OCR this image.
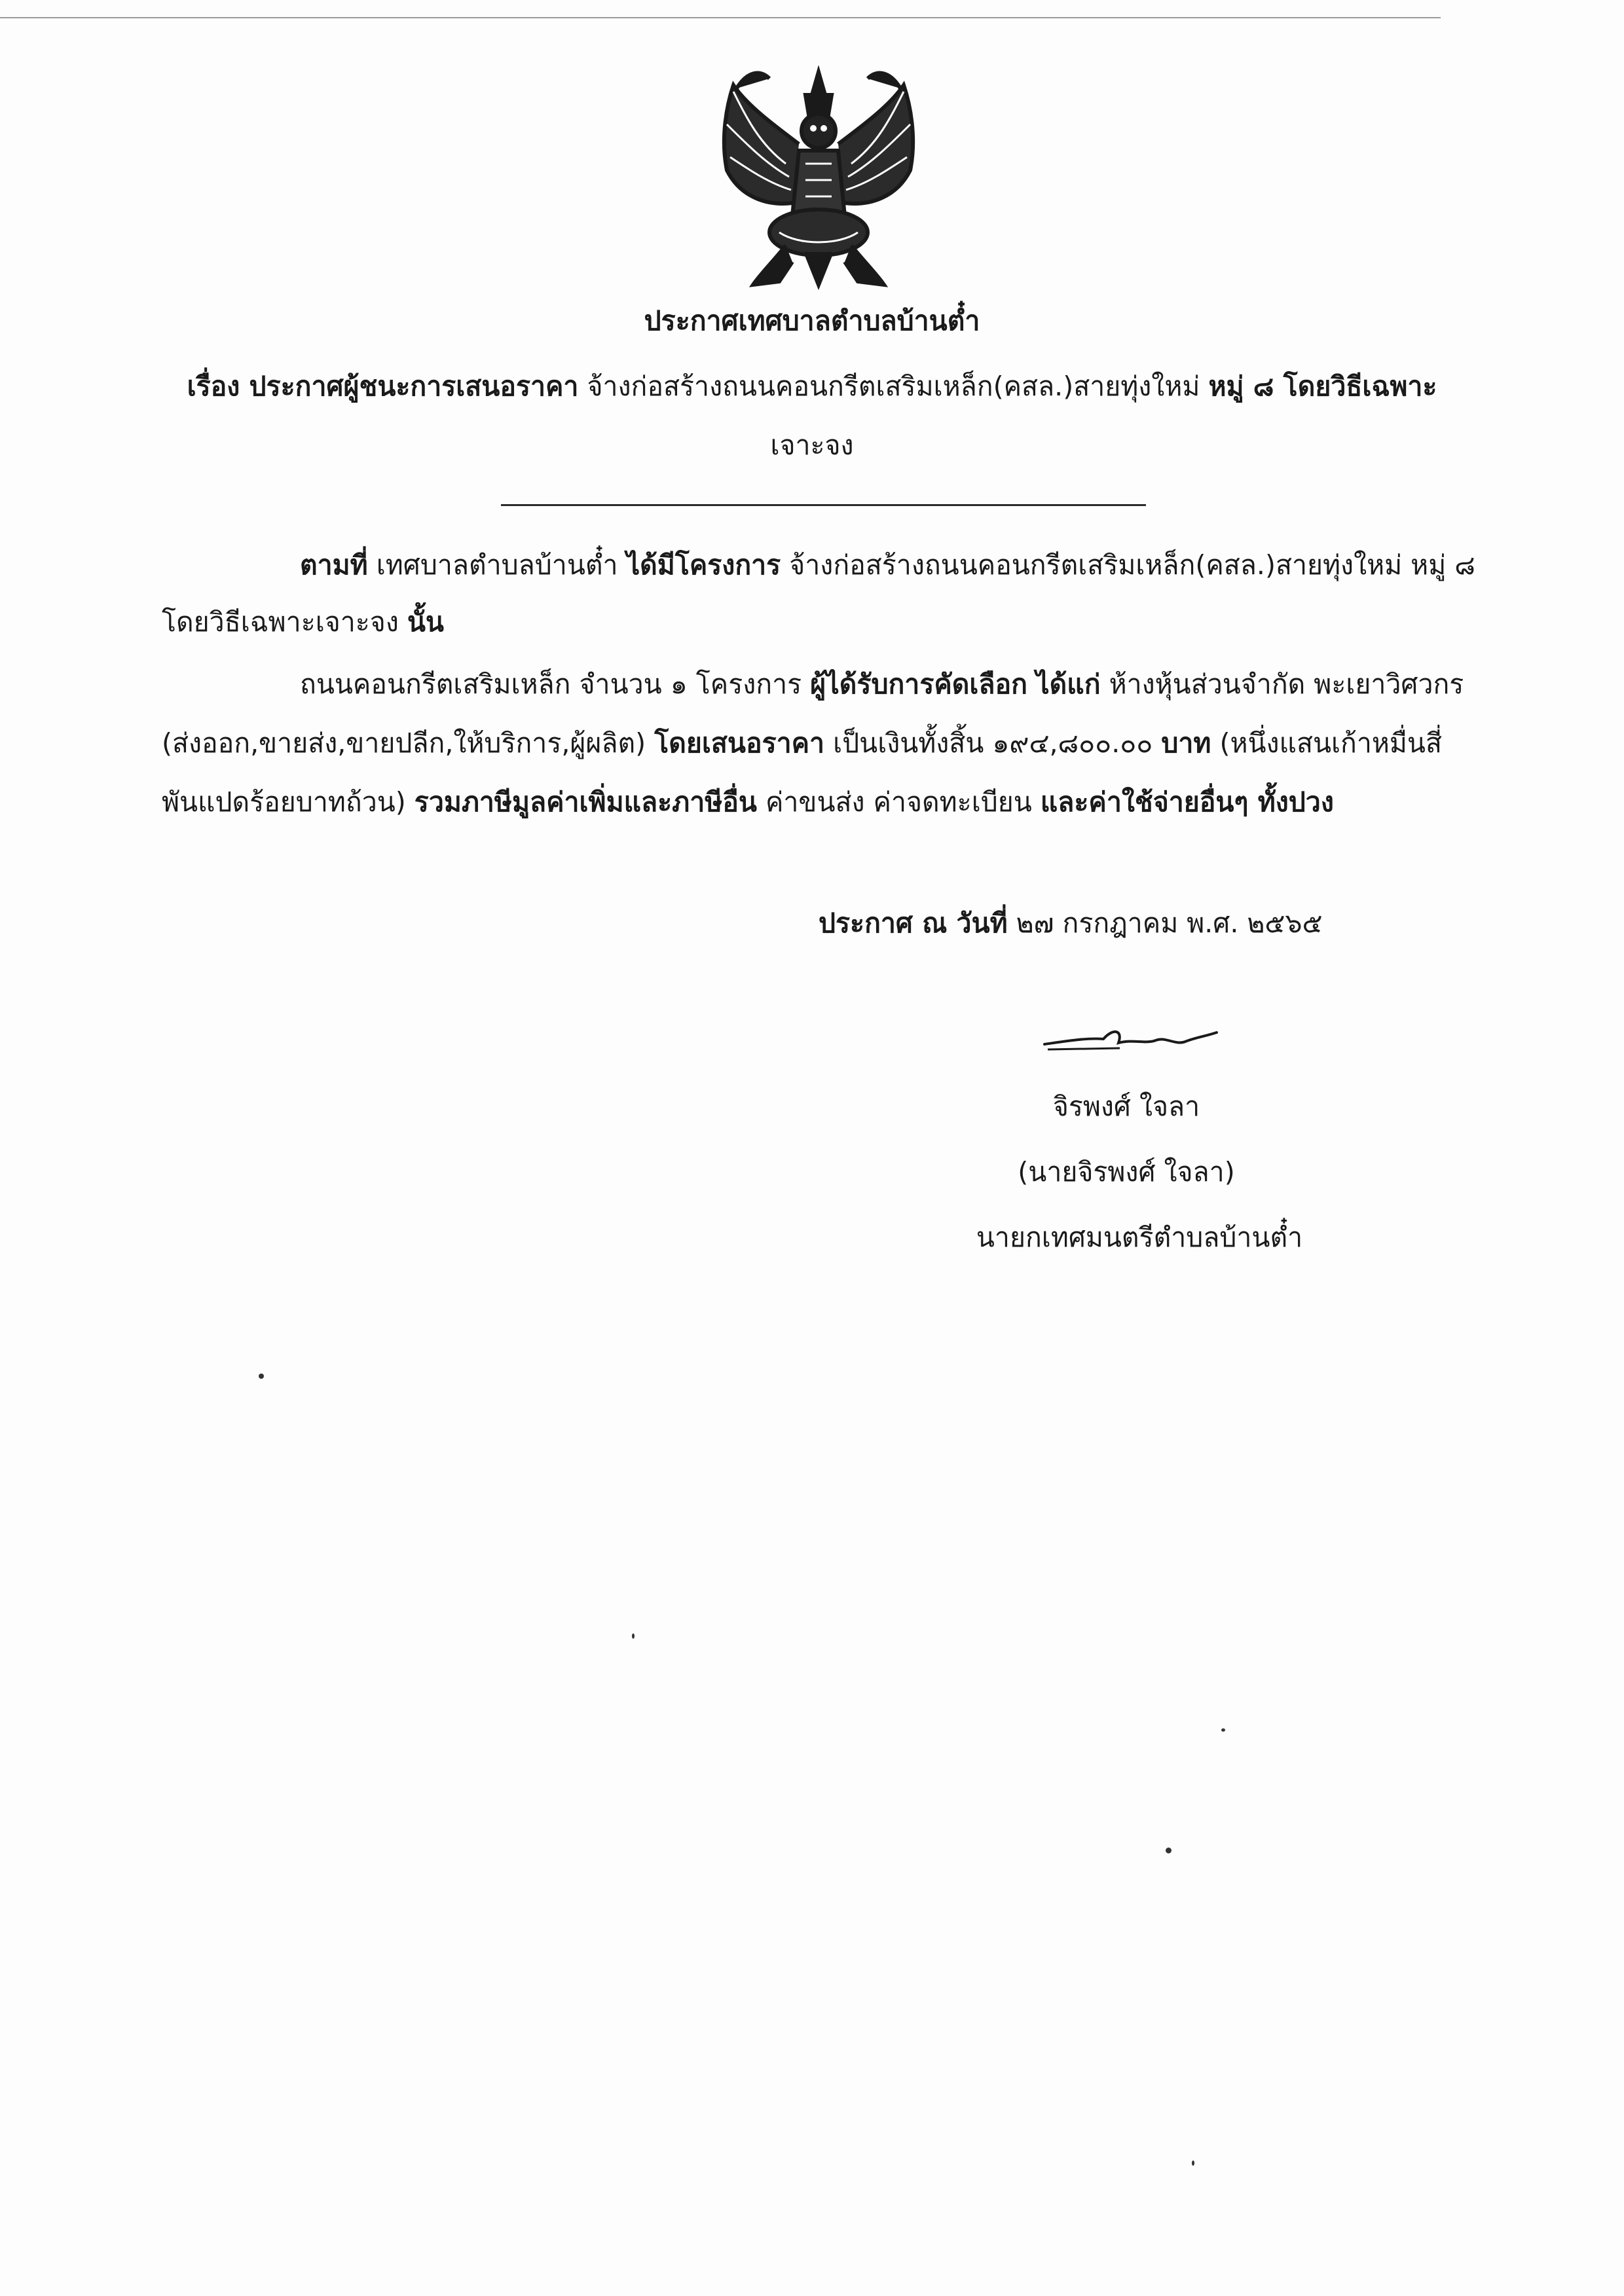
ประกาศเทศบาลตำบลบ้านต๋ำ
เรื่อง ประกาศผู้ชนะการเสนอราคา จ้างก่อสร้างถนนคอนกรีตเสริมเหล็ก(คสล.)สายทุ่งใหม่ หมู่ ๘ โดยวิธีเฉพาะ
เจาะจง
ตามที่ เทศบาลตำบลบ้านต๋ำ ได้มีโครงการ จ้างก่อสร้างถนนคอนกรีตเสริมเหล็ก(คสล.)สายทุ่งใหม่ หมู่ ๘
โดยวิธีเฉพาะเจาะจง นั้น
ถนนคอนกรีตเสริมเหล็ก จำนวน ๑ โครงการ ผู้ได้รับการคัดเลือก ได้แก่ ห้างหุ้นส่วนจำกัด พะเยาวิศวกร
(ส่งออก,ขายส่ง,ขายปลีก,ให้บริการ,ผู้ผลิต) โดยเสนอราคา เป็นเงินทั้งสิ้น ๑๙๔,๘๐๐.๐๐ บาท (หนึ่งแสนเก้าหมื่นสี่
พันแปดร้อยบาทถ้วน) รวมภาษีมูลค่าเพิ่มและภาษีอื่น ค่าขนส่ง ค่าจดทะเบียน และค่าใช้จ่ายอื่นๆ ทั้งปวง
ประกาศ ณ วันที่ ๒๗ กรกฎาคม พ.ศ. ๒๕๖๕
จิรพงศ์ ใจลา
(นายจิรพงศ์ ใจลา)
นายกเทศมนตรีตำบลบ้านต๋ำ
